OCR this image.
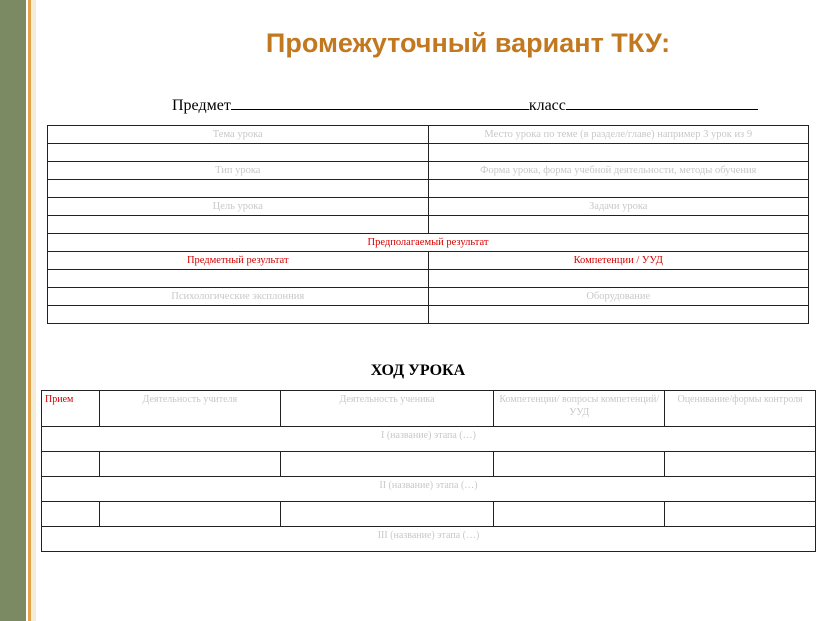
Промежуточный вариант ТКУ:
Предмет	класс
Тема урока	Место урока по теме (в разделе/главе) например 3 урок из 9

Тип урока	Форма урока, форма учебной деятельности, методы обучения

Цель урока	Задачи урока

Предполагаемый результат	
Предметный результат	Компетенции / УУД

Психологические эксплонния	Оборудование

ХОД УРОКА
Прием	Деятельность учителя	Деятельность ученика	Компетенции/ вопросы компетенций/УУД	Оценивание/формы контроля
I (название) этапа (…)				

II (название) этапа (…)				

III (название) этапа (…)				
